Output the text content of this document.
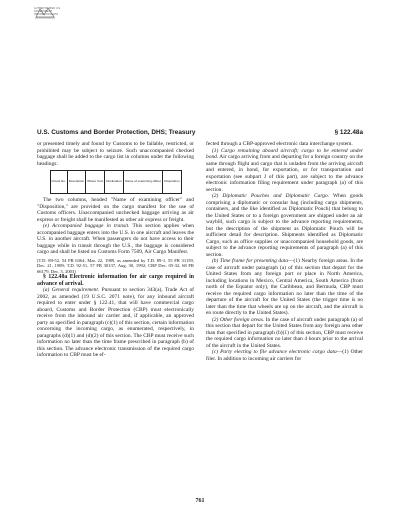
AUTHENTICATED U.S. GOVERNMENT INFORMATION GPO
U.S. Customs and Border Protection, DHS; Treasury	§ 122.48a

or presented timely and found by Customs to be failable, restricted, or prohibited may be subject to seizure. Such unaccompanied checked baggage shall be added to the cargo list in columns under the following headings:

Check No.	Description	Where from	Destination	Name of examining officer	Disposition

The two columns, headed "Name of examining officer" and "Disposition," are provided on the cargo manifest for the use of Customs officers. Unaccompanied unchecked baggage arriving as air express or freight shall be manifested as other air express or freight.

(e) Accompanied baggage in transit. This section applies when accompanied baggage enters into the U.S. in one aircraft and leaves the U.S. in another aircraft. When passengers do not have access to their baggage while in transit through the U.S., the baggage is considered cargo and shall be listed on Customs Form 7509, Air Cargo Manifest.

[T.D. 89-52, 54 FR 6364, Mar. 22, 1989, as amended by T.D. 89-1, 55 FR 31159, Dec. 21, 1989; T.D. 92-51, 57 FR 30137, Aug. 30, 1992; CBP Dec. 05-32, 68 FR 66179, Dec. 5, 2003]

§ 122.48a Electronic information for air cargo required in advance of arrival.

(a) General requirement. Pursuant to section 343(a), Trade Act of 2002, as amended (19 U.S.C. 2071 note), for any inbound aircraft required to enter under § 122.41, that will have commercial cargo aboard, Customs and Border Protection (CBP) must electronically receive from the inbound air carrier and, if applicable, an approved party as specified in paragraph (c)(1) of this section, certain information concerning the incoming cargo, as enumerated, respectively, in paragraphs (d)(1) and (d)(2) of this section. The CBP must receive such information no later than the time frame prescribed in paragraph (b) of this section. The advance electronic transmission of the required cargo information to CBP must be ef-

fected through a CBP-approved electronic data interchange system.

(1) Cargo remaining aboard aircraft; cargo to be entered under bond. Air cargo arriving from and departing for a foreign country on the same through flight and cargo that is unladen from the arriving aircraft and entered, in bond, for exportation, or for transportation and exportation (see subpart J of this part), are subject to the advance electronic information filing requirement under paragraph (a) of this section.

(2) Diplomatic Pouches and Diplomatic Cargo. When goods comprising a diplomatic or consular bag (including cargo shipments, containers, and the like identified as Diplomatic Pouch) that belong to the United States or to a foreign government are shipped under an air waybill, such cargo is subject to the advance reporting requirements, but the description of the shipment as Diplomatic Pouch will be sufficient detail for description. Shipments identified as Diplomatic Cargo, such as office supplies or unaccompanied household goods, are subject to the advance reporting requirements of paragraph (a) of this section.

(b) Time frame for presenting data—(1) Nearby foreign areas. In the case of aircraft under paragraph (a) of this section that depart for the United States from any foreign port or place in North America, including locations in Mexico, Central America, South America (from north of the Equator only), the Caribbean, and Bermuda, CBP must receive the required cargo information no later than the time of the departure of the aircraft for the United States (the trigger time is no later than the time that wheels are up on the aircraft, and the aircraft is en route directly to the United States).

(2) Other foreign areas. In the case of aircraft under paragraph (a) of this section that depart for the United States from any foreign area other than that specified in paragraph (b)(1) of this section, CBP must receive the required cargo information no later than 4 hours prior to the arrival of the aircraft in the United States.

(c) Party electing to file advance electronic cargo data—(1) Other filer. In addition to incoming air carriers for

761
